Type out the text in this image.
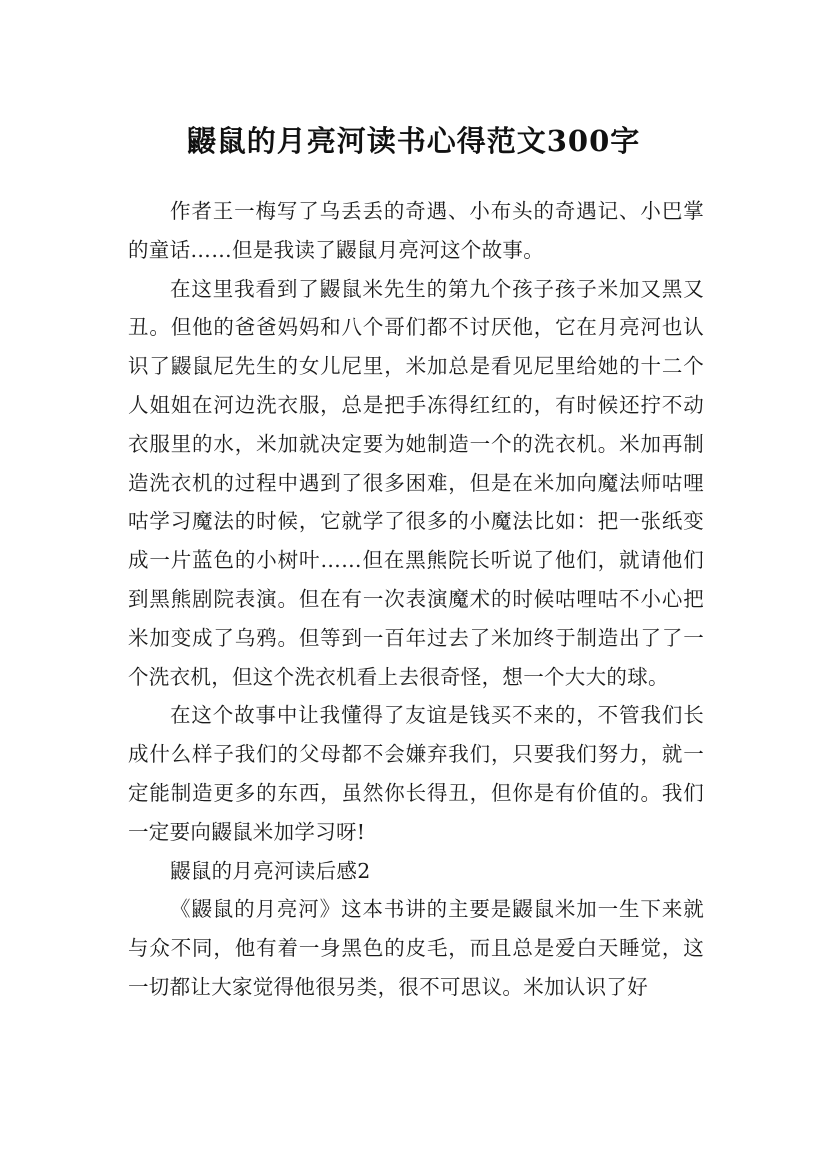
鼹鼠的月亮河读书心得范文300字

作者王一梅写了乌丢丢的奇遇、小布头的奇遇记、小巴掌的童话……但是我读了鼹鼠月亮河这个故事。

在这里我看到了鼹鼠米先生的第九个孩子孩子米加又黑又丑。但他的爸爸妈妈和八个哥们都不讨厌他，它在月亮河也认识了鼹鼠尼先生的女儿尼里，米加总是看见尼里给她的十二个人姐姐在河边洗衣服，总是把手冻得红红的，有时候还拧不动衣服里的水，米加就决定要为她制造一个的洗衣机。米加再制造洗衣机的过程中遇到了很多困难，但是在米加向魔法师咕哩咕学习魔法的时候，它就学了很多的小魔法比如：把一张纸变成一片蓝色的小树叶……但在黑熊院长听说了他们，就请他们到黑熊剧院表演。但在有一次表演魔术的时候咕哩咕不小心把米加变成了乌鸦。但等到一百年过去了米加终于制造出了了一个洗衣机，但这个洗衣机看上去很奇怪，想一个大大的球。

在这个故事中让我懂得了友谊是钱买不来的，不管我们长成什么样子我们的父母都不会嫌弃我们，只要我们努力，就一定能制造更多的东西，虽然你长得丑，但你是有价值的。我们一定要向鼹鼠米加学习呀!

鼹鼠的月亮河读后感2

《鼹鼠的月亮河》这本书讲的主要是鼹鼠米加一生下来就与众不同，他有着一身黑色的皮毛，而且总是爱白天睡觉，这一切都让大家觉得他很另类，很不可思议。米加认识了好
